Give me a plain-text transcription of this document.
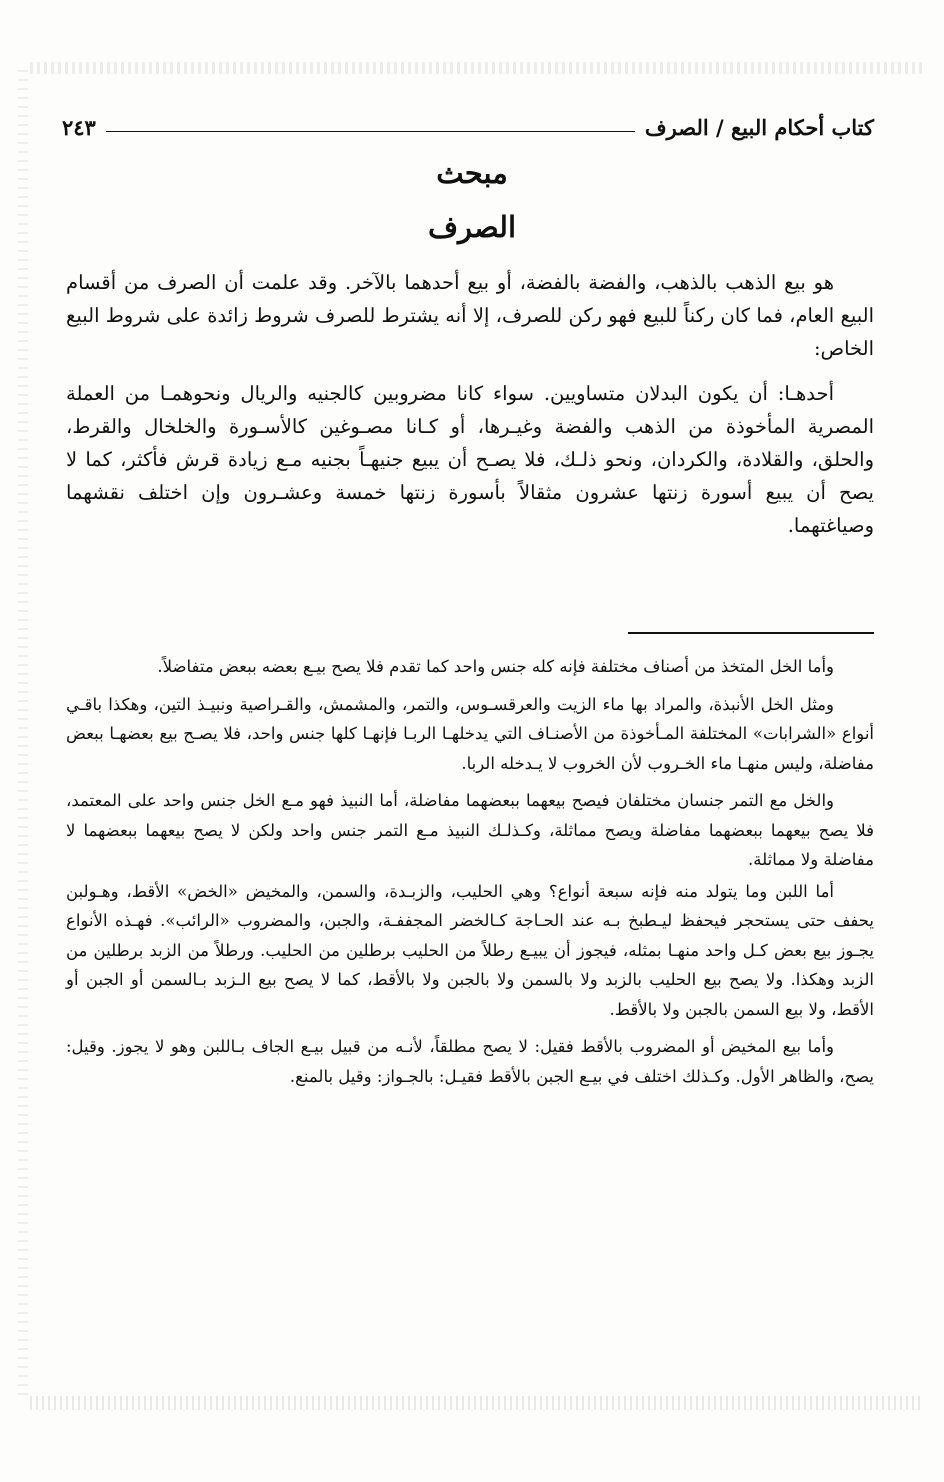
كتاب أحكام البيع / الصرف
٢٤٣
مبحث
الصرف

هو بيع الذهب بالذهب، والفضة بالفضة، أو بيع أحدهما بالآخر. وقد علمت أن الصرف من أقسام البيع العام، فما كان ركناً للبيع فهو ركن للصرف، إلا أنه يشترط للصرف شروط زائدة على شروط البيع الخاص:

أحدهـا: أن يكون البدلان متساويين. سواء كانا مضروبين كالجنيه والريال ونحوهمـا من العملة المصرية المأخوذة من الذهب والفضة وغيـرها، أو كـانا مصـوغين كالأسـورة والخلخال والقرط، والحلق، والقلادة، والكردان، ونحو ذلـك، فلا يصـح أن يبيع جنيهـاً بجنيه مـع زيادة قرش فأكثر، كما لا يصح أن يبيع أسورة زنتها عشرون مثقالاً بأسورة زنتها خمسة وعشـرون وإن اختلف نقشهما وصياغتهما.

وأما الخل المتخذ من أصناف مختلفة فإنه كله جنس واحد كما تقدم فلا يصح بيـع بعضه ببعض متفاضلاً.

ومثل الخل الأنبذة، والمراد بها ماء الزيت والعرقسـوس، والتمر، والمشمش، والقـراصية ونبيـذ التين، وهكذا باقـي أنواع «الشرابات» المختلفة المـأخوذة من الأصنـاف التي يدخلهـا الربـا فإنهـا كلها جنس واحد، فلا يصـح بيع بعضهـا ببعض مفاضلة، وليس منهـا ماء الخـروب لأن الخروب لا يـدخله الربا.

والخل مع التمر جنسان مختلفان فيصح بيعهما ببعضهما مفاضلة، أما النبيذ فهو مـع الخل جنس واحد على المعتمد، فلا يصح بيعهما ببعضهما مفاضلة ويصح مماثلة، وكـذلـك النبيذ مـع التمر جنس واحد ولكن لا يصح بيعهما ببعضهما لا مفاضلة ولا مماثلة.

أما اللبن وما يتولد منه فإنه سبعة أنواع؟ وهي الحليب، والزبـدة، والسمن، والمخيض «الخض» الأقط، وهـولبن يحفف حتى يستحجر فيحفظ ليـطبخ بـه عند الحـاجة كـالخضر المجففـة، والجبن، والمضروب «الرائب». فهـذه الأنواع يجـوز بيع بعض كـل واحد منهـا بمثله، فيجوز أن يبيـع رطلاً من الحليب برطلين من الحليب. ورطلاً من الزبد برطلين من الزبد وهكذا. ولا يصح بيع الحليب بالزبد ولا بالسمن ولا بالجبن ولا بالأقط، كما لا يصح بيع الـزبد بـالسمن أو الجبن أو الأقط، ولا بيع السمن بالجبن ولا بالأقط.

وأما بيع المخيض أو المضروب بالأقط فقيل: لا يصح مطلقاً، لأنـه من قبيل بيـع الجاف بـاللبن وهو لا يجوز. وقيل: يصح، والظاهر الأول. وكـذلك اختلف في بيـع الجبن بالأقط فقيـل: بالجـواز: وقيل بالمنع.
